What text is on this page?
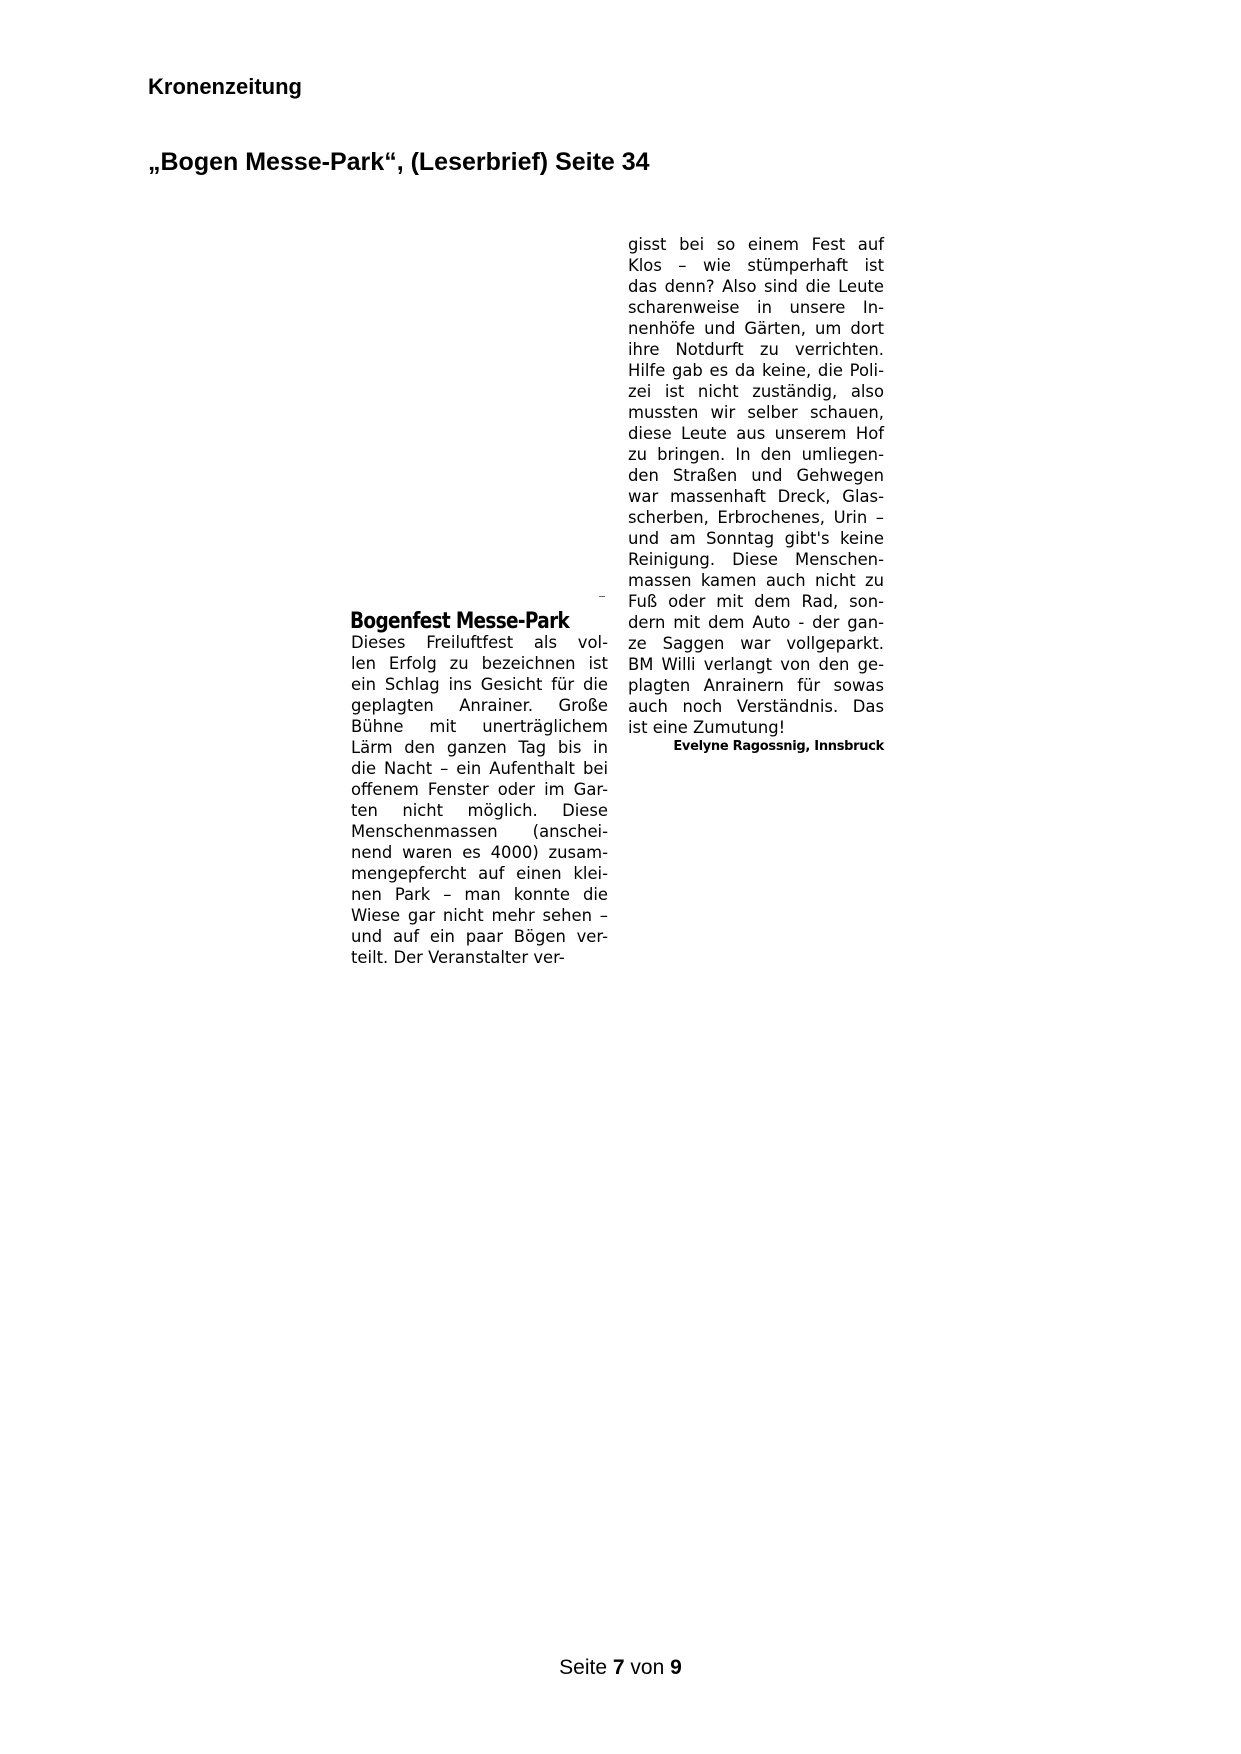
Kronenzeitung
„Bogen Messe-Park“, (Leserbrief) Seite 34
Bogenfest Messe-Park
Dieses Freiluftfest als vol-
len Erfolg zu bezeichnen ist
ein Schlag ins Gesicht für die
geplagten Anrainer. Große
Bühne mit unerträglichem
Lärm den ganzen Tag bis in
die Nacht – ein Aufenthalt bei
offenem Fenster oder im Gar-
ten nicht möglich. Diese
Menschenmassen (anschei-
nend waren es 4000) zusam-
mengepfercht auf einen klei-
nen Park – man konnte die
Wiese gar nicht mehr sehen –
und auf ein paar Bögen ver-
teilt. Der Veranstalter ver-
gisst bei so einem Fest auf
Klos – wie stümperhaft ist
das denn? Also sind die Leute
scharenweise in unsere In-
nenhöfe und Gärten, um dort
ihre Notdurft zu verrichten.
Hilfe gab es da keine, die Poli-
zei ist nicht zuständig, also
mussten wir selber schauen,
diese Leute aus unserem Hof
zu bringen. In den umliegen-
den Straßen und Gehwegen
war massenhaft Dreck, Glas-
scherben, Erbrochenes, Urin –
und am Sonntag gibt's keine
Reinigung. Diese Menschen-
massen kamen auch nicht zu
Fuß oder mit dem Rad, son-
dern mit dem Auto - der gan-
ze Saggen war vollgeparkt.
BM Willi verlangt von den ge-
plagten Anrainern für sowas
auch noch Verständnis. Das
ist eine Zumutung!
Evelyne Ragossnig, Innsbruck
Seite 7 von 9
